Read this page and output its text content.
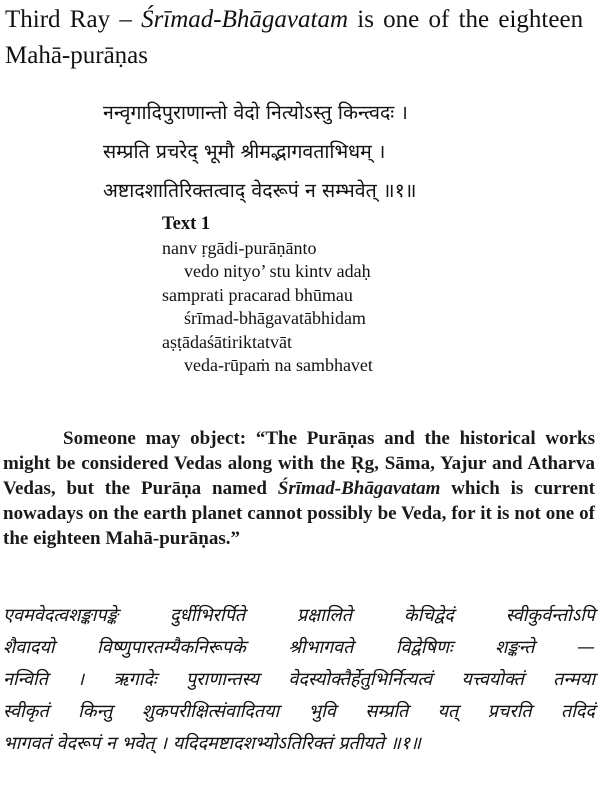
Third Ray – Śrīmad-Bhāgavatam is one of the eighteen Mahā-purāṇas
नन्वृगादिपुराणान्तो वेदो नित्योऽस्तु किन्त्वदः ।
सम्प्रति प्रचरेद् भूमौ श्रीमद्भागवताभिधम् ।
अष्टादशातिरिक्तत्वाद् वेदरूपं न सम्भवेत् ॥१॥
Text 1
nanv ṛgādi-purāṇānto
vedo nityo’ stu kintv adaḥ
samprati pracarad bhūmau
śrīmad-bhāgavatābhidam
aṣṭādaśātiriktatvāt
veda-rūpaṁ na sambhavet
Someone may object: “The Purāṇas and the historical works might be considered Vedas along with the Ṛg, Sāma, Yajur and Atharva Vedas, but the Purāṇa named Śrīmad-Bhāgavatam which is current nowadays on the earth planet cannot possibly be Veda, for it is not one of the eighteen Mahā-purāṇas.”
एवमवेदत्वशङ्कापङ्के दुर्धीभिरर्पिते प्रक्षालिते केचिद्वेदं स्वीकुर्वन्तोऽपि
शैवादयो विष्णुपारतम्यैकनिरूपके श्रीभागवते विद्वेषिणः शङ्कन्ते —
नन्विति । ऋगादेः पुराणान्तस्य वेदस्योक्तैर्हेतुभिर्नित्यत्वं यत्त्वयोक्तं तन्मया
स्वीकृतं किन्तु शुकपरीक्षित्संवादितया भुवि सम्प्रति यत् प्रचरति तदिदं
भागवतं वेदरूपं न भवेत् । यदिदमष्टादशभ्योऽतिरिक्तं प्रतीयते ॥१॥
